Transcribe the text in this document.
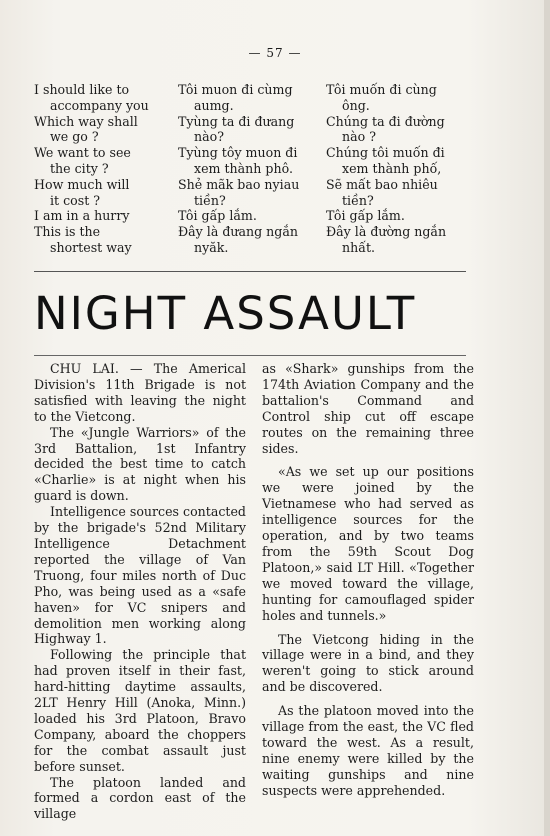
— 57 —
I should like to
accompany you
Tôi muon đi cùmg
aumg.
Tôi muốn đi cùng
ông.
Which way shall
we go ?
Tyùng ta đi đưang
nào?
Chúng ta đi đường
nào ?
We want to see
the city ?
Tyùng tôy muon đi
xem thành phô.
Chúng tôi muốn đi
xem thành phố,
How much will
it cost ?
Shẻ mãk bao nyiau
tiền?
Sẽ mất bao nhiêu
tiền?
I am in a hurry	Tôi gấp lắm.	Tôi gấp lắm.
This is the
shortest way
Đây là đưang ngắn
nyăk.
Đây là đường ngắn
nhất.
NIGHT ASSAULT

CHU LAI. — The Americal Division's 11th Brigade is not satisfied with leaving the night to the Vietcong.

The «Jungle Warriors» of the 3rd Battalion, 1st Infantry decided the best time to catch «Charlie» is at night when his guard is down.

Intelligence sources contacted by the brigade's 52nd Military Intelligence Detachment reported the village of Van Truong, four miles north of Duc Pho, was being used as a «safe haven» for VC snipers and demolition men working along Highway 1.

Following the principle that had proven itself in their fast, hard-hitting daytime assaults, 2LT Henry Hill (Anoka, Minn.) loaded his 3rd Platoon, Bravo Company, aboard the choppers for the combat assault just before sunset.

The platoon landed and formed a cordon east of the village

as «Shark» gunships from the 174th Aviation Company and the battalion's Command and Control ship cut off escape routes on the remaining three sides.

«As we set up our positions we were joined by the Vietnamese who had served as intelligence sources for the operation, and by two teams from the 59th Scout Dog Platoon,» said LT Hill. «Together we moved toward the village, hunting for camouflaged spider holes and tunnels.»

The Vietcong hiding in the village were in a bind, and they weren't going to stick around and be discovered.

As the platoon moved into the village from the east, the VC fled toward the west. As a result, nine enemy were killed by the waiting gunships and nine suspects were apprehended.
